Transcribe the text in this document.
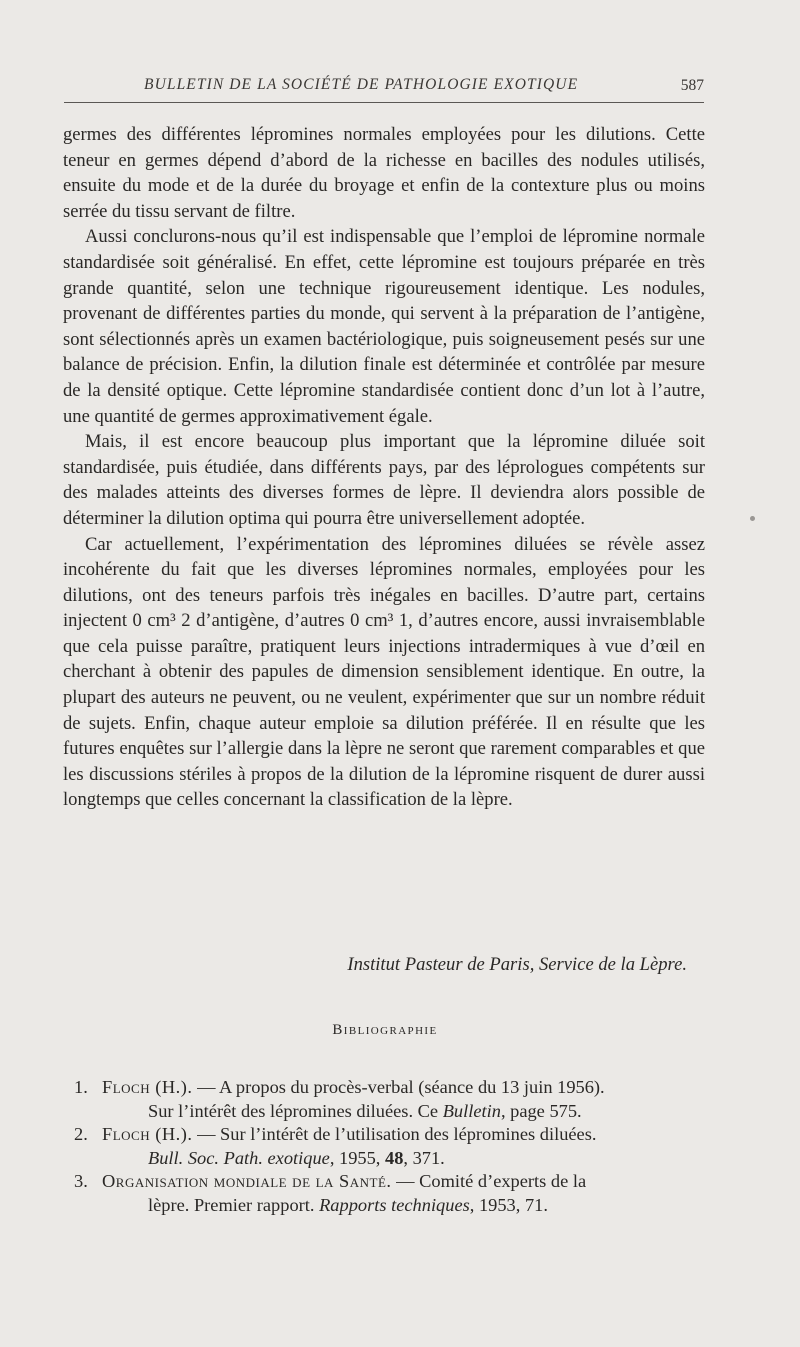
BULLETIN DE LA SOCIÉTÉ DE PATHOLOGIE EXOTIQUE	587

germes des différentes lépromines normales employées pour les dilutions. Cette teneur en germes dépend d’abord de la richesse en bacilles des nodules utilisés, ensuite du mode et de la durée du broyage et enfin de la contexture plus ou moins serrée du tissu servant de filtre.

Aussi conclurons-nous qu’il est indispensable que l’emploi de lépromine normale standardisée soit généralisé. En effet, cette lépromine est toujours préparée en très grande quantité, selon une technique rigoureusement identique. Les nodules, provenant de différentes parties du monde, qui servent à la préparation de l’antigène, sont sélectionnés après un examen bactériologique, puis soigneusement pesés sur une balance de précision. Enfin, la dilution finale est déterminée et contrôlée par mesure de la densité optique. Cette lépromine standardisée contient donc d’un lot à l’autre, une quantité de germes approximativement égale.

Mais, il est encore beaucoup plus important que la lépromine diluée soit standardisée, puis étudiée, dans différents pays, par des léprologues compétents sur des malades atteints des diverses formes de lèpre. Il deviendra alors possible de déterminer la dilution optima qui pourra être universellement adoptée.

Car actuellement, l’expérimentation des lépromines diluées se révèle assez incohérente du fait que les diverses lépromines normales, employées pour les dilutions, ont des teneurs parfois très inégales en bacilles. D’autre part, certains injectent 0 cm³ 2 d’antigène, d’autres 0 cm³ 1, d’autres encore, aussi invraisemblable que cela puisse paraître, pratiquent leurs injections intradermiques à vue d’œil en cherchant à obtenir des papules de dimension sensiblement identique. En outre, la plupart des auteurs ne peuvent, ou ne veulent, expérimenter que sur un nombre réduit de sujets. Enfin, chaque auteur emploie sa dilution préférée. Il en résulte que les futures enquêtes sur l’allergie dans la lèpre ne seront que rarement comparables et que les discussions stériles à propos de la dilution de la lépromine risquent de durer aussi longtemps que celles concernant la classification de la lèpre.

Institut Pasteur de Paris, Service de la Lèpre.
Bibliographie
1. Floch (H.). — A propos du procès-verbal (séance du 13 juin 1956).
Sur l’intérêt des lépromines diluées. Ce Bulletin, page 575.
2. Floch (H.). — Sur l’intérêt de l’utilisation des lépromines diluées.
Bull. Soc. Path. exotique, 1955, 48, 371.
3. Organisation mondiale de la Santé. — Comité d’experts de la
lèpre. Premier rapport. Rapports techniques, 1953, 71.
